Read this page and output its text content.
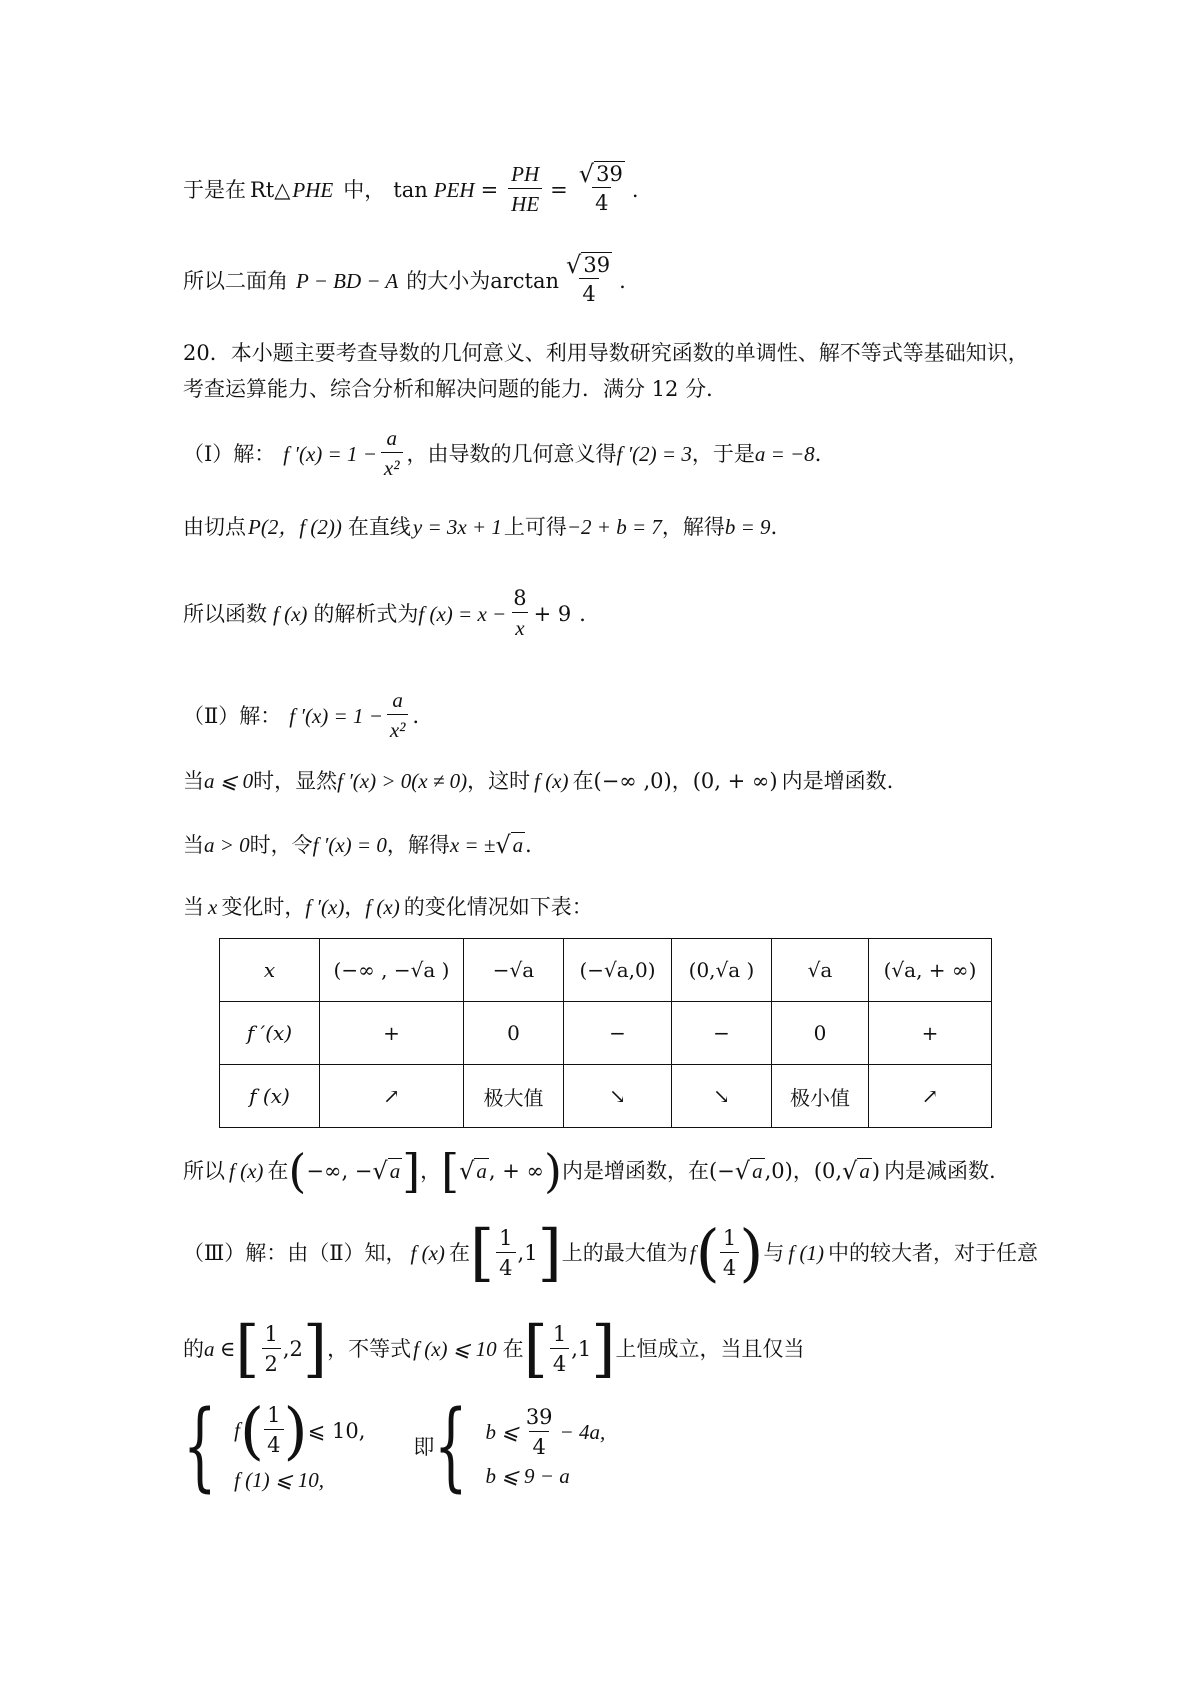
于是在 Rt △ PHE 中， tan PEH = $\frac{PH}{HE} = \frac{√ 39}{4}$ .
所以二面角 P − BD − A 的大小为$\arctan \frac{√ 39}{4}$ .
20．本小题主要考查导数的几何意义、利用导数研究函数的单调性、解不等式等基础知识，
考查运算能力、综合分析和解决问题的能力．满分 12 分．
（Ⅰ）解： f $'(x) = 1 - \frac{a}{\text{x²}}$ ，由导数的几何意义得 f ′(2) = 3 ，于是 a = −8 ．
由切点 P(2，f (2)) 在直线 y = 3x + 1 上可得 −2 + b = 7 ，解得 b = 9 ．
所以函数 f (x) 的解析式为 f $(x) = x - \frac{8}{x} + 9$ ．
（Ⅱ）解： f $'(x) = 1 - \frac{a}{\text{x²}}$ ．
当 a ⩽ 0 时，显然 f ′(x) > 0(x ≠ 0) ，这时 f (x) 在 (−∞ ,0) ， (0, + ∞) 内是增函数.
当 a > 0 时，令 f ′(x) = 0 ，解得 x = ± √ a ．
当 x 变化时， f ′(x) ， f (x) 的变化情况如下表：
x	(−∞ , −√a )	−√a	(−√a,0)	(0,√a )	√a	(√a, + ∞)
f ′(x)	+	0	−	−	0	+
f (x)	↗	极大值	↘	↘	极小值	↗
所以 f (x) 在 ( −∞, − √ a ] ， [ √ a , + ∞ ) 内是增函数，在 (− √ a ,0) ， (0, √ a ) 内是减函数.
（Ⅲ）解：由（Ⅱ）知， f (x) 在 [ $\frac{1}{4} ,1$ ] 上的最大值为 f ( $\frac{1}{4}$ ) 与 f (1) 中的较大者，对于任意
的 a ∈ [ $\frac{1}{2} ,2$ ] ，不等式 f (x) ⩽ 10 在 [ $\frac{1}{4} ,1$ ] 上恒成立，当且仅当
{ f ( $\frac{1}{4}$ ) ⩽ 10,
f (1) ⩽ 10,
即 { b ⩽ $\frac{39}{4} - 4a$,
b ⩽ 9 − a
